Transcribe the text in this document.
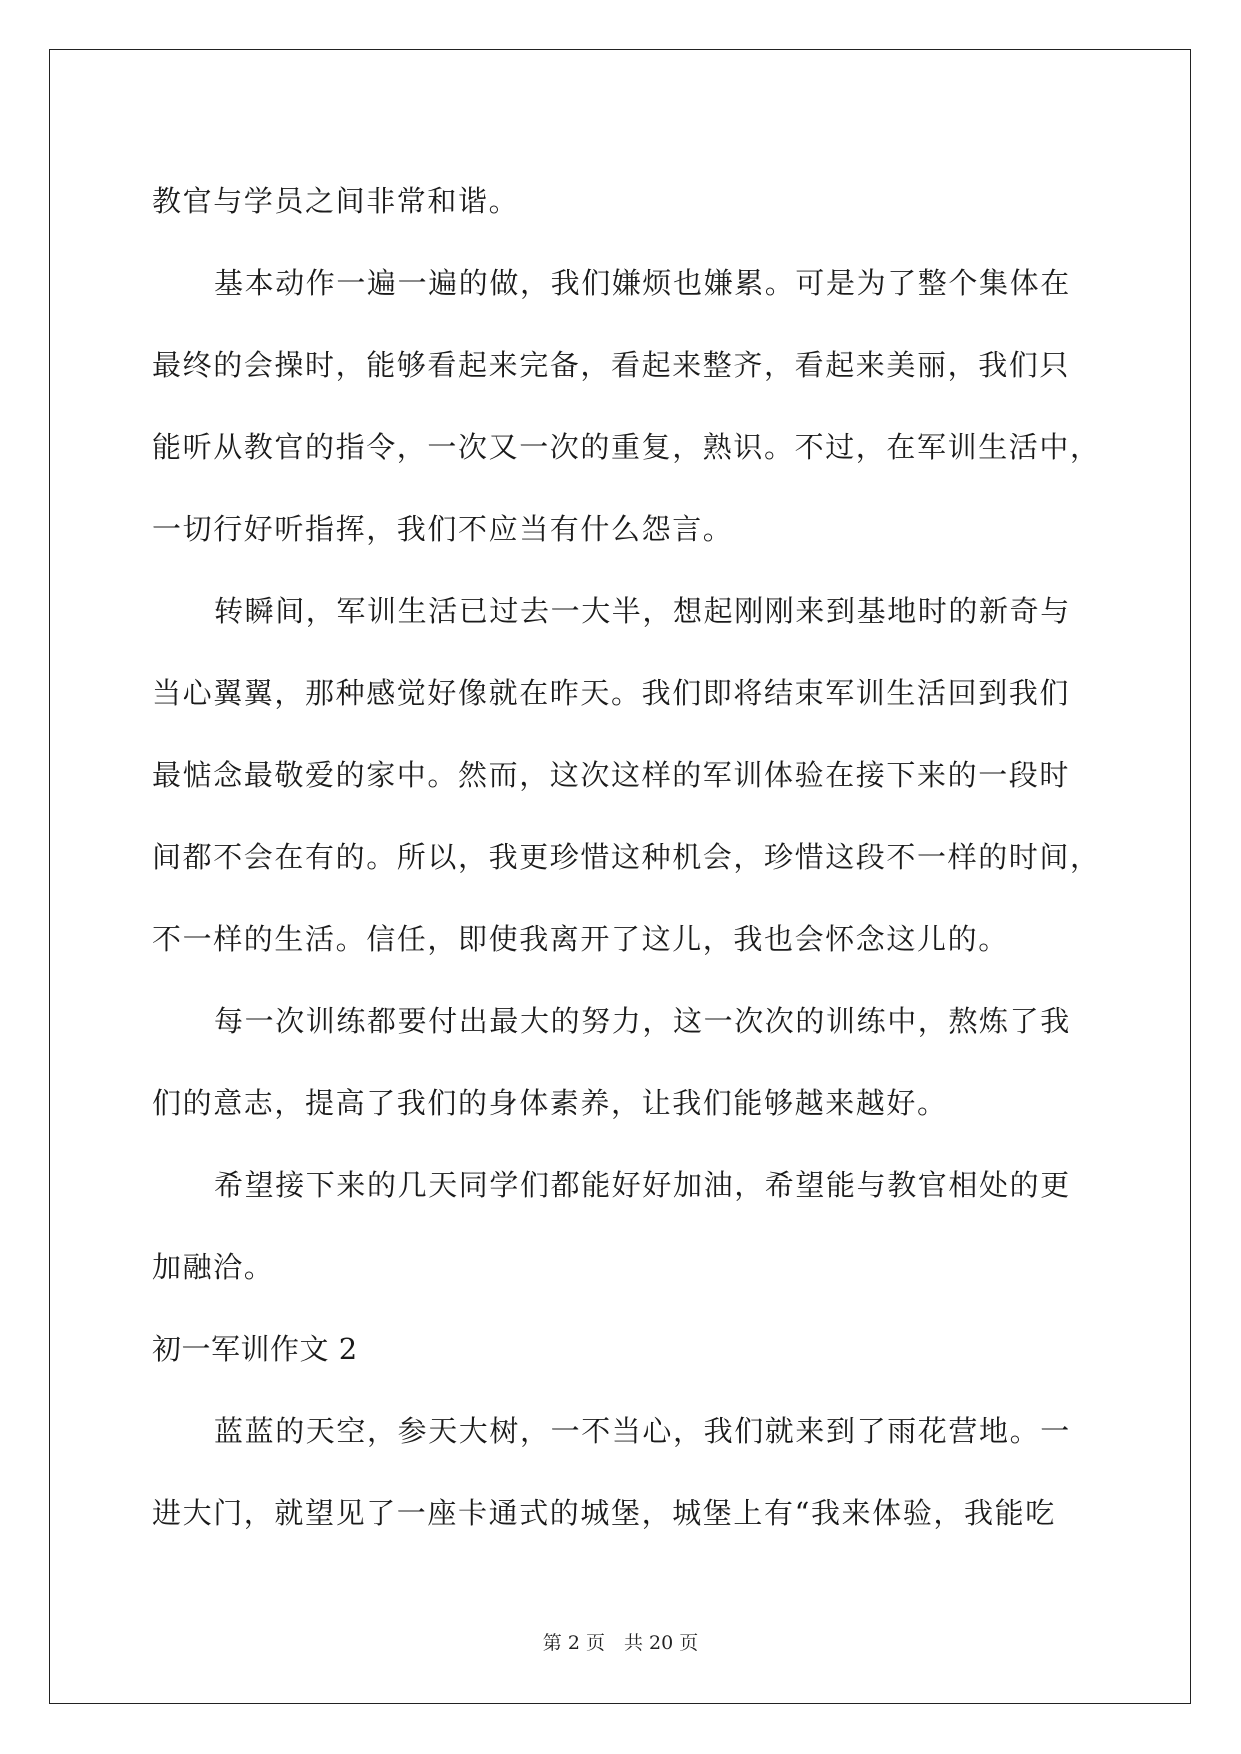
教官与学员之间非常和谐。
基本动作一遍一遍的做，我们嫌烦也嫌累。可是为了整个集体在
最终的会操时，能够看起来完备，看起来整齐，看起来美丽，我们只
能听从教官的指令，一次又一次的重复，熟识。不过，在军训生活中，
一切行好听指挥，我们不应当有什么怨言。
转瞬间，军训生活已过去一大半，想起刚刚来到基地时的新奇与
当心翼翼，那种感觉好像就在昨天。我们即将结束军训生活回到我们
最惦念最敬爱的家中。然而，这次这样的军训体验在接下来的一段时
间都不会在有的。所以，我更珍惜这种机会，珍惜这段不一样的时间，
不一样的生活。信任，即使我离开了这儿，我也会怀念这儿的。
每一次训练都要付出最大的努力，这一次次的训练中，熬炼了我
们的意志，提高了我们的身体素养，让我们能够越来越好。
希望接下来的几天同学们都能好好加油，希望能与教官相处的更
加融洽。
初一军训作文 2
蓝蓝的天空，参天大树，一不当心，我们就来到了雨花营地。一
进大门，就望见了一座卡通式的城堡，城堡上有“我来体验，我能吃
第 2 页　共 20 页
